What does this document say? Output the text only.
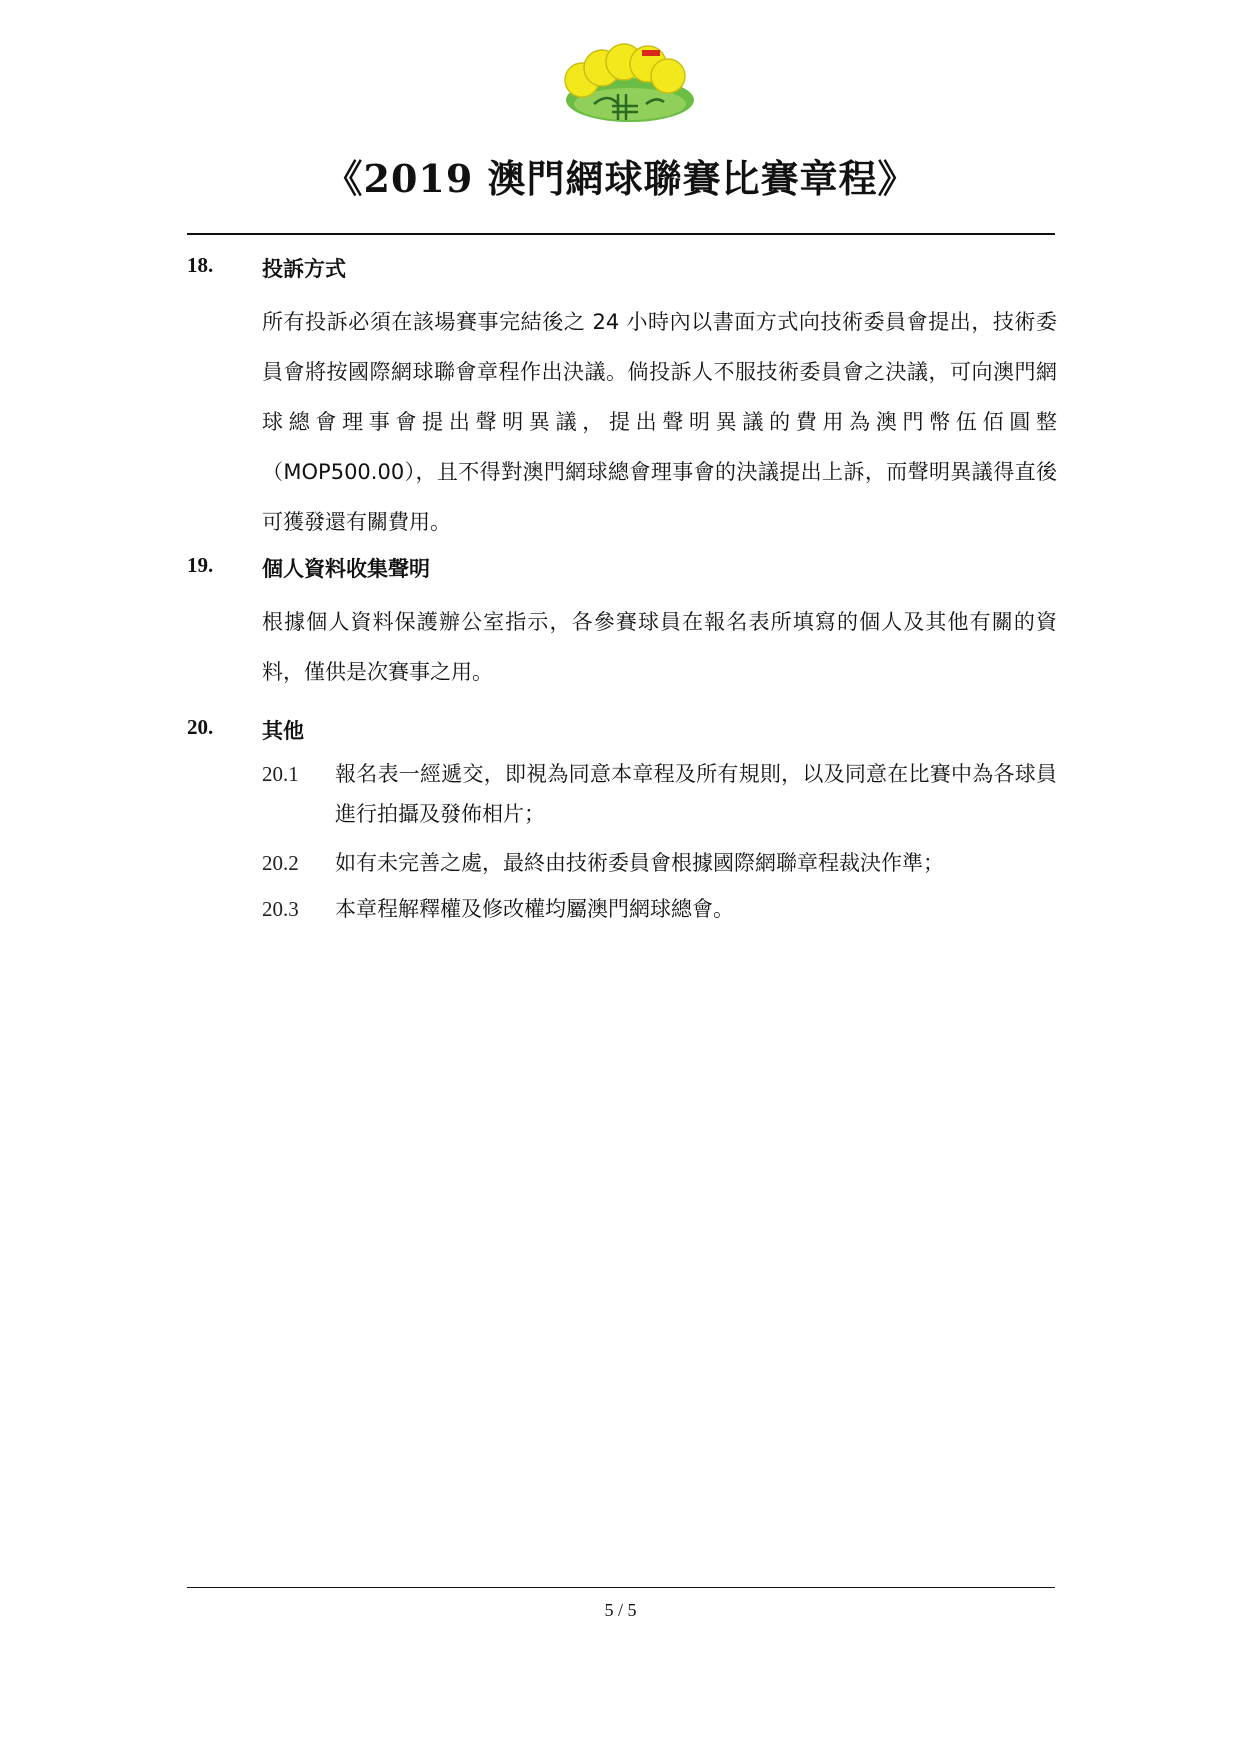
《2019 澳門網球聯賽比賽章程》
18. 投訴方式

所有投訴必須在該場賽事完結後之 24 小時內以書面方式向技術委員會提出，技術委員會將按國際網球聯會章程作出決議。倘投訴人不服技術委員會之決議，可向澳門網球總會理事會提出聲明異議，提出聲明異議的費用為澳門幣伍佰圓整（MOP500.00），且不得對澳門網球總會理事會的決議提出上訴，而聲明異議得直後可獲發還有關費用。

19. 個人資料收集聲明

根據個人資料保護辦公室指示，各參賽球員在報名表所填寫的個人及其他有關的資料，僅供是次賽事之用。

20. 其他
20.1 報名表一經遞交，即視為同意本章程及所有規則，以及同意在比賽中為各球員進行拍攝及發佈相片；

20.2 如有未完善之處，最終由技術委員會根據國際網聯章程裁決作準；

20.3 本章程解釋權及修改權均屬澳門網球總會。

5 / 5
